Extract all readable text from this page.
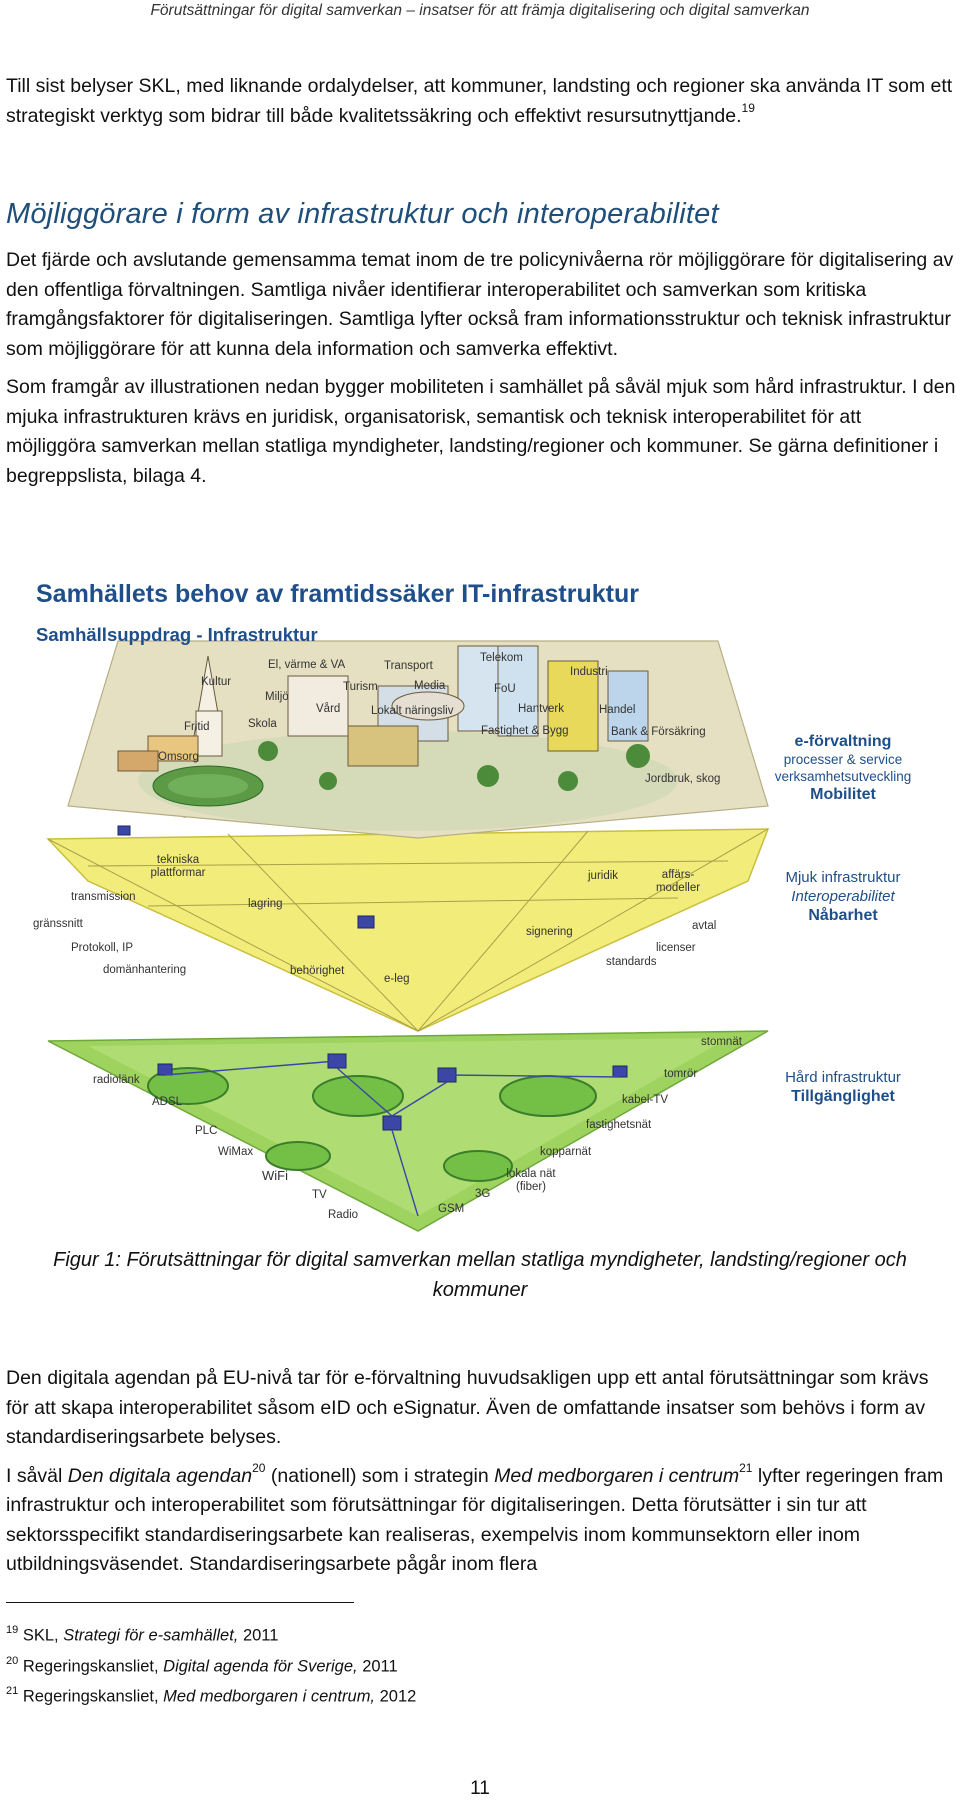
Förutsättningar för digital samverkan – insatser för att främja digitalisering och digital samverkan

Till sist belyser SKL, med liknande ordalydelser, att kommuner, landsting och regioner ska använda IT som ett strategiskt verktyg som bidrar till både kvalitetssäkring och effektivt resursutnyttjande.$^{19}$

Möjliggörare i form av infrastruktur och interoperabilitet

Det fjärde och avslutande gemensamma temat inom de tre policynivåerna rör möjliggörare för digitalisering av den offentliga förvaltningen. Samtliga nivåer identifierar interoperabilitet och samverkan som kritiska framgångsfaktorer för digitaliseringen. Samtliga lyfter också fram informationsstruktur och teknisk infrastruktur som möjliggörare för att kunna dela information och samverka effektivt.

Som framgår av illustrationen nedan bygger mobiliteten i samhället på såväl mjuk som hård infrastruktur. I den mjuka infrastrukturen krävs en juridisk, organisatorisk, semantisk och teknisk interoperabilitet för att möjliggöra samverkan mellan statliga myndigheter, landsting/regioner och kommuner. Se gärna definitioner i begreppslista, bilaga 4.

Samhällets behov av framtidssäker IT-infrastruktur
Samhällsuppdrag - Infrastruktur
El, värme & VA	Transport
Telekom
Industri
Kultur	Turism	Media	FoU
Miljö
Vård	Lokalt näringsliv	Hantverk	Handel
Fritid	Skola
Fastighet & Bygg	Bank & Försäkring
Omsorg
Jordbruk, skog
tekniska plattformar
transmission
lagring
juridik	affärs-modeller
gränssnitt	avtal
signering
Protokoll, IP	licenser
standards
domänhantering	behörighet
e-leg
stomnät
radiolänk	tomrör
ADSL	kabel-TV
fastighetsnät
PLC
kopparnät
WiMax
WiFi	lokala nät (fiber)
TV	3G
GSM
Radio
e-förvaltning
processer & service
verksamhetsutveckling
Mobilitet
Mjuk infrastruktur
Interoperabilitet
Nåbarhet
Hård infrastruktur
Tillgänglighet
Figur 1: Förutsättningar för digital samverkan mellan statliga myndigheter, landsting/regioner och kommuner

Den digitala agendan på EU-nivå tar för e-förvaltning huvudsakligen upp ett antal förutsättningar som krävs för att skapa interoperabilitet såsom eID och eSignatur. Även de omfattande insatser som behövs i form av standardiseringsarbete belyses.

I såväl Den digitala agendan$^{20}$ (nationell) som i strategin Med medborgaren i centrum$^{21}$ lyfter regeringen fram infrastruktur och interoperabilitet som förutsättningar för digitaliseringen. Detta förutsätter i sin tur att sektorsspecifikt standardiseringsarbete kan realiseras, exempelvis inom kommunsektorn eller inom utbildningsväsendet. Standardiseringsarbete pågår inom flera

$^{19}$ SKL, Strategi för e-samhället, 2011
$^{20}$ Regeringskansliet, Digital agenda för Sverige, 2011
$^{21}$ Regeringskansliet, Med medborgaren i centrum, 2012
11
